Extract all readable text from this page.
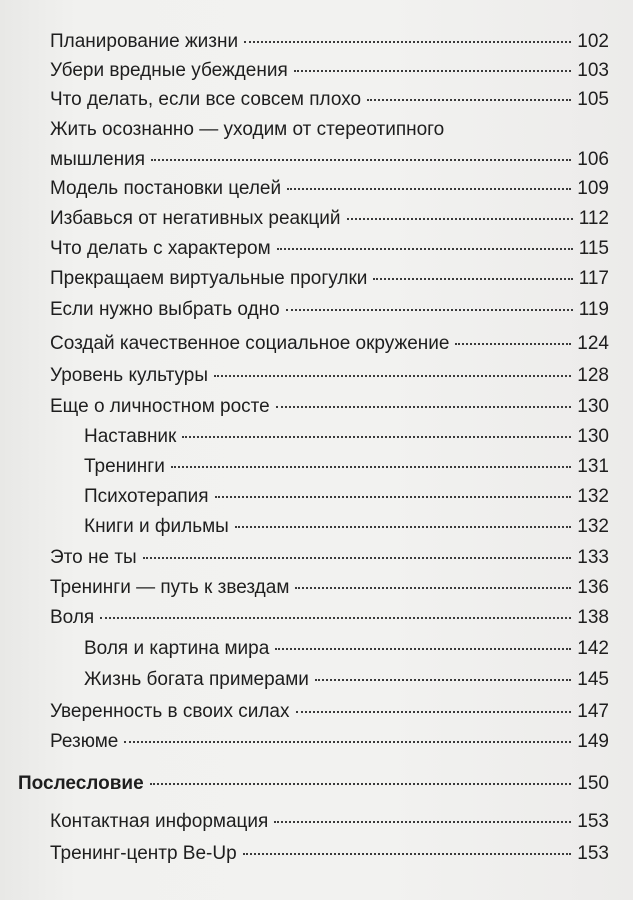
Планирование жизни	102
Убери вредные убеждения	103
Что делать, если все совсем плохо	105
Жить осознанно — уходим от стереотипного
мышления	106
Модель постановки целей	109
Избавься от негативных реакций	112
Что делать с характером	115
Прекращаем виртуальные прогулки	117
Если нужно выбрать одно	119
Создай качественное социальное окружение	124
Уровень культуры	128
Еще о личностном росте	130
Наставник	130
Тренинги	131
Психотерапия	132
Книги и фильмы	132
Это не ты	133
Тренинги — путь к звездам	136
Воля	138
Воля и картина мира	142
Жизнь богата примерами	145
Уверенность в своих силах	147
Резюме	149
Послесловие	150
Контактная информация	153
Тренинг-центр Be-Up	153
